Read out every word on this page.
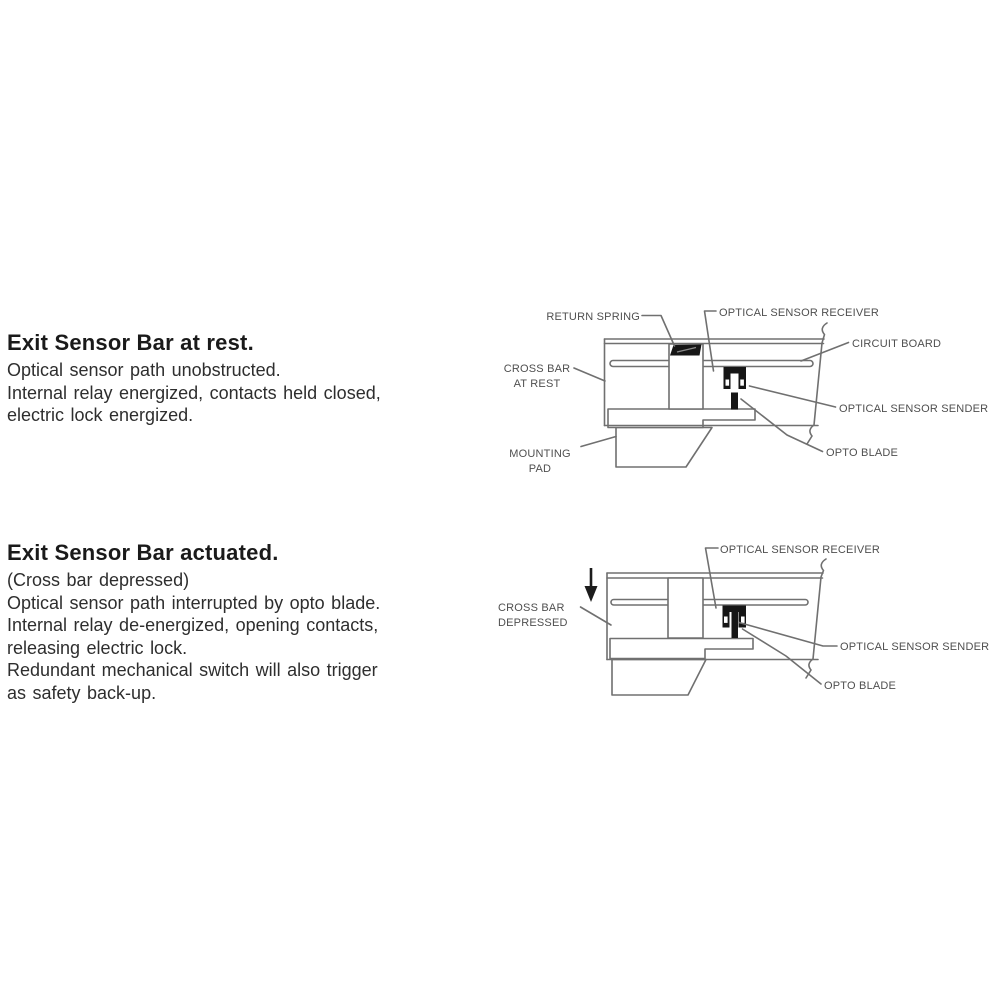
Exit Sensor Bar at rest.
Optical sensor path unobstructed.
Internal relay energized, contacts held closed,
electric lock energized.
Exit Sensor Bar actuated.
(Cross bar depressed)
Optical sensor path interrupted by opto blade.
Internal relay de-energized, opening contacts,
releasing electric lock.
Redundant mechanical switch will also trigger
as safety back-up.
RETURN SPRING	OPTICAL SENSOR RECEIVER
CIRCUIT BOARD
CROSS BAR
AT REST
OPTICAL SENSOR SENDER
OPTO BLADE
MOUNTING
PAD
OPTICAL SENSOR RECEIVER
CROSS BAR
DEPRESSED
OPTICAL SENSOR SENDER
OPTO BLADE
